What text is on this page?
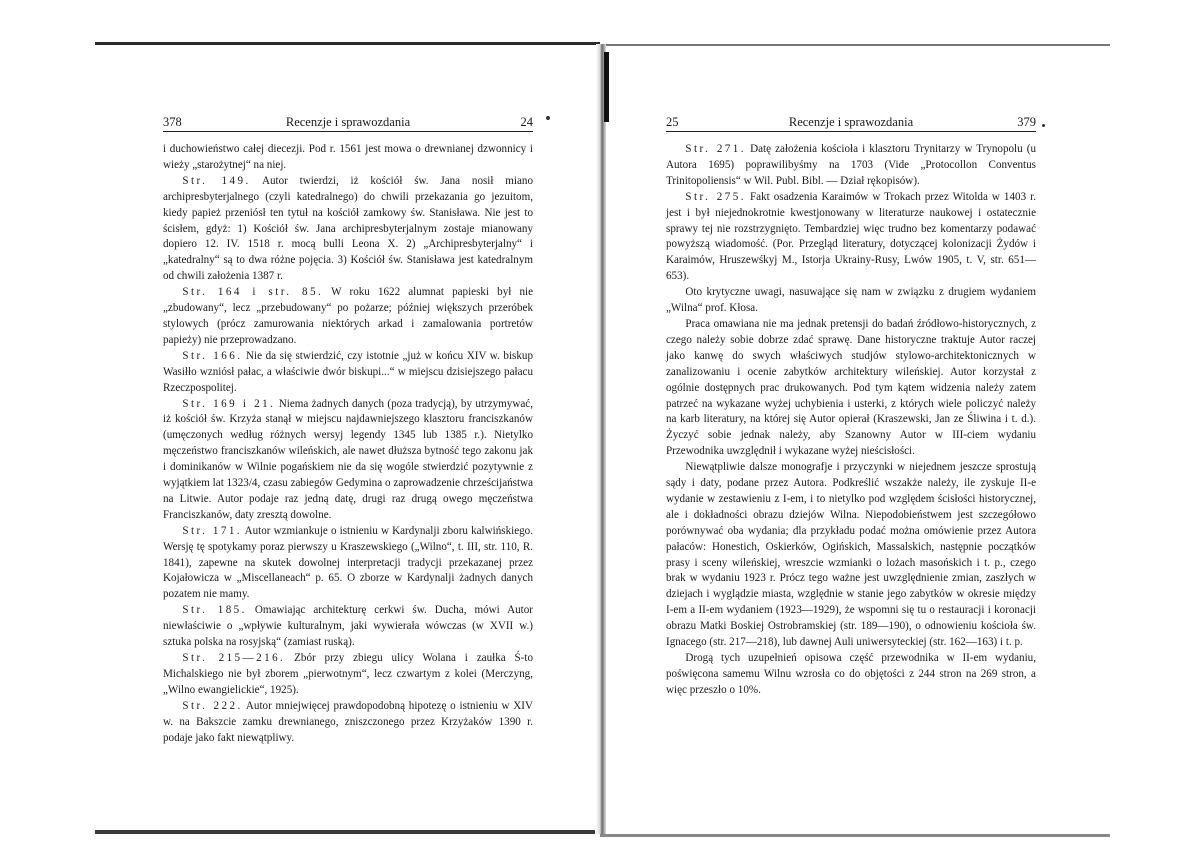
378	Recenzje i sprawozdania	24

i duchowieństwo całej diecezji. Pod r. 1561 jest mowa o drewnianej dzwonnicy i wieży „starożytnej“ na niej.

Str. 149. Autor twierdzi, iż kościół św. Jana nosił miano archipresbyterjalnego (czyli katedralnego) do chwili przekazania go jezuitom, kiedy papież przeniósł ten tytuł na kościół zamkowy św. Stanisława. Nie jest to ścisłem, gdyż: 1) Kościół św. Jana archipresbyterjalnym zostaje mianowany dopiero 12. IV. 1518 r. mocą bulli Leona X. 2) „Archipresbyterjalny“ i „katedralny“ są to dwa różne pojęcia. 3) Kościół św. Stanisława jest katedralnym od chwili założenia 1387 r.

Str. 164 i str. 85. W roku 1622 alumnat papieski był nie „zbudowany“, lecz „przebudowany“ po pożarze; później większych przeróbek stylowych (prócz zamurowania niektórych arkad i zamalowania portretów papieży) nie przeprowadzano.

Str. 166. Nie da się stwierdzić, czy istotnie „już w końcu XIV w. biskup Wasiłło wzniósł pałac, a właściwie dwór biskupi...“ w miejscu dzisiejszego pałacu Rzeczpospolitej.

Str. 169 i 21. Niema żadnych danych (poza tradycją), by utrzymywać, iż kościół św. Krzyża stanął w miejscu najdawniejszego klasztoru franciszkanów (umęczonych według różnych wersyj legendy 1345 lub 1385 r.). Nietylko męczeństwo franciszkanów wileńskich, ale nawet dłuższa bytność tego zakonu jak i dominikanów w Wilnie pogańskiem nie da się wogóle stwierdzić pozytywnie z wyjątkiem lat 1323/4, czasu zabiegów Gedymina o zaprowadzenie chrześcijaństwa na Litwie. Autor podaje raz jedną datę, drugi raz drugą owego męczeństwa Franciszkanów, daty zresztą dowolne.

Str. 171. Autor wzmiankuje o istnieniu w Kardynalji zboru kalwińskiego. Wersję tę spotykamy poraz pierwszy u Kraszewskiego („Wilno“, t. III, str. 110, R. 1841), zapewne na skutek dowolnej interpretacji tradycji przekazanej przez Kojałowicza w „Miscellaneach“ p. 65. O zborze w Kardynalji żadnych danych pozatem nie mamy.

Str. 185. Omawiając architekturę cerkwi św. Ducha, mówi Autor niewłaściwie o „wpływie kulturalnym, jaki wywierała wówczas (w XVII w.) sztuka polska na rosyjską“ (zamiast ruską).

Str. 215—216. Zbór przy zbiegu ulicy Wolana i zaułka Ś-to Michalskiego nie był zborem „pierwotnym“, lecz czwartym z kolei (Merczyng, „Wilno ewangielickie“, 1925).

Str. 222. Autor mniejwięcej prawdopodobną hipotezę o istnieniu w XIV w. na Bakszcie zamku drewnianego, zniszczonego przez Krzyżaków 1390 r. podaje jako fakt niewątpliwy.

25	Recenzje i sprawozdania	379

Str. 271. Datę założenia kościoła i klasztoru Trynitarzy w Trynopolu (u Autora 1695) poprawilibyśmy na 1703 (Vide „Protocollon Conventus Trinitopoliensis“ w Wil. Publ. Bibl. — Dział rękopisów).

Str. 275. Fakt osadzenia Karaimów w Trokach przez Witolda w 1403 r. jest i był niejednokrotnie kwestjonowany w literaturze naukowej i ostatecznie sprawy tej nie rozstrzygnięto. Tembardziej więc trudno bez komentarzy podawać powyższą wiadomość. (Por. Przegląd literatury, dotyczącej kolonizacji Żydów i Karaimów, Hruszewśkyj M., Istorja Ukrainy-Rusy, Lwów 1905, t. V, str. 651—653).

Oto krytyczne uwagi, nasuwające się nam w związku z drugiem wydaniem „Wilna“ prof. Kłosa.

Praca omawiana nie ma jednak pretensji do badań źródłowo-historycznych, z czego należy sobie dobrze zdać sprawę. Dane historyczne traktuje Autor raczej jako kanwę do swych właściwych studjów stylowo-architektonicznych w zanalizowaniu i ocenie zabytków architektury wileńskiej. Autor korzystał z ogólnie dostępnych prac drukowanych. Pod tym kątem widzenia należy zatem patrzeć na wykazane wyżej uchybienia i usterki, z których wiele policzyć należy na karb literatury, na której się Autor opierał (Kraszewski, Jan ze Śliwina i t. d.). Życzyć sobie jednak należy, aby Szanowny Autor w III-ciem wydaniu Przewodnika uwzględnił i wykazane wyżej nieścisłości.

Niewątpliwie dalsze monografje i przyczynki w niejednem jeszcze sprostują sądy i daty, podane przez Autora. Podkreślić wszakże należy, ile zyskuje II-e wydanie w zestawieniu z I-em, i to nietylko pod względem ścisłości historycznej, ale i dokładności obrazu dziejów Wilna. Niepodobieństwem jest szczegółowo porównywać oba wydania; dla przykładu podać można omówienie przez Autora pałaców: Honestich, Oskierków, Ogińskich, Massalskich, następnie początków prasy i sceny wileńskiej, wreszcie wzmianki o lożach masońskich i t. p., czego brak w wydaniu 1923 r. Prócz tego ważne jest uwzględnienie zmian, zaszłych w dziejach i wyglądzie miasta, względnie w stanie jego zabytków w okresie między I-em a II-em wydaniem (1923—1929), że wspomni się tu o restauracji i koronacji obrazu Matki Boskiej Ostrobramskiej (str. 189—190), o odnowieniu kościoła św. Ignacego (str. 217—218), lub dawnej Auli uniwersyteckiej (str. 162—163) i t. p.

Drogą tych uzupełnień opisowa część przewodnika w II-em wydaniu, poświęcona samemu Wilnu wzrosła co do objętości z 244 stron na 269 stron, a więc przeszło o 10%.
